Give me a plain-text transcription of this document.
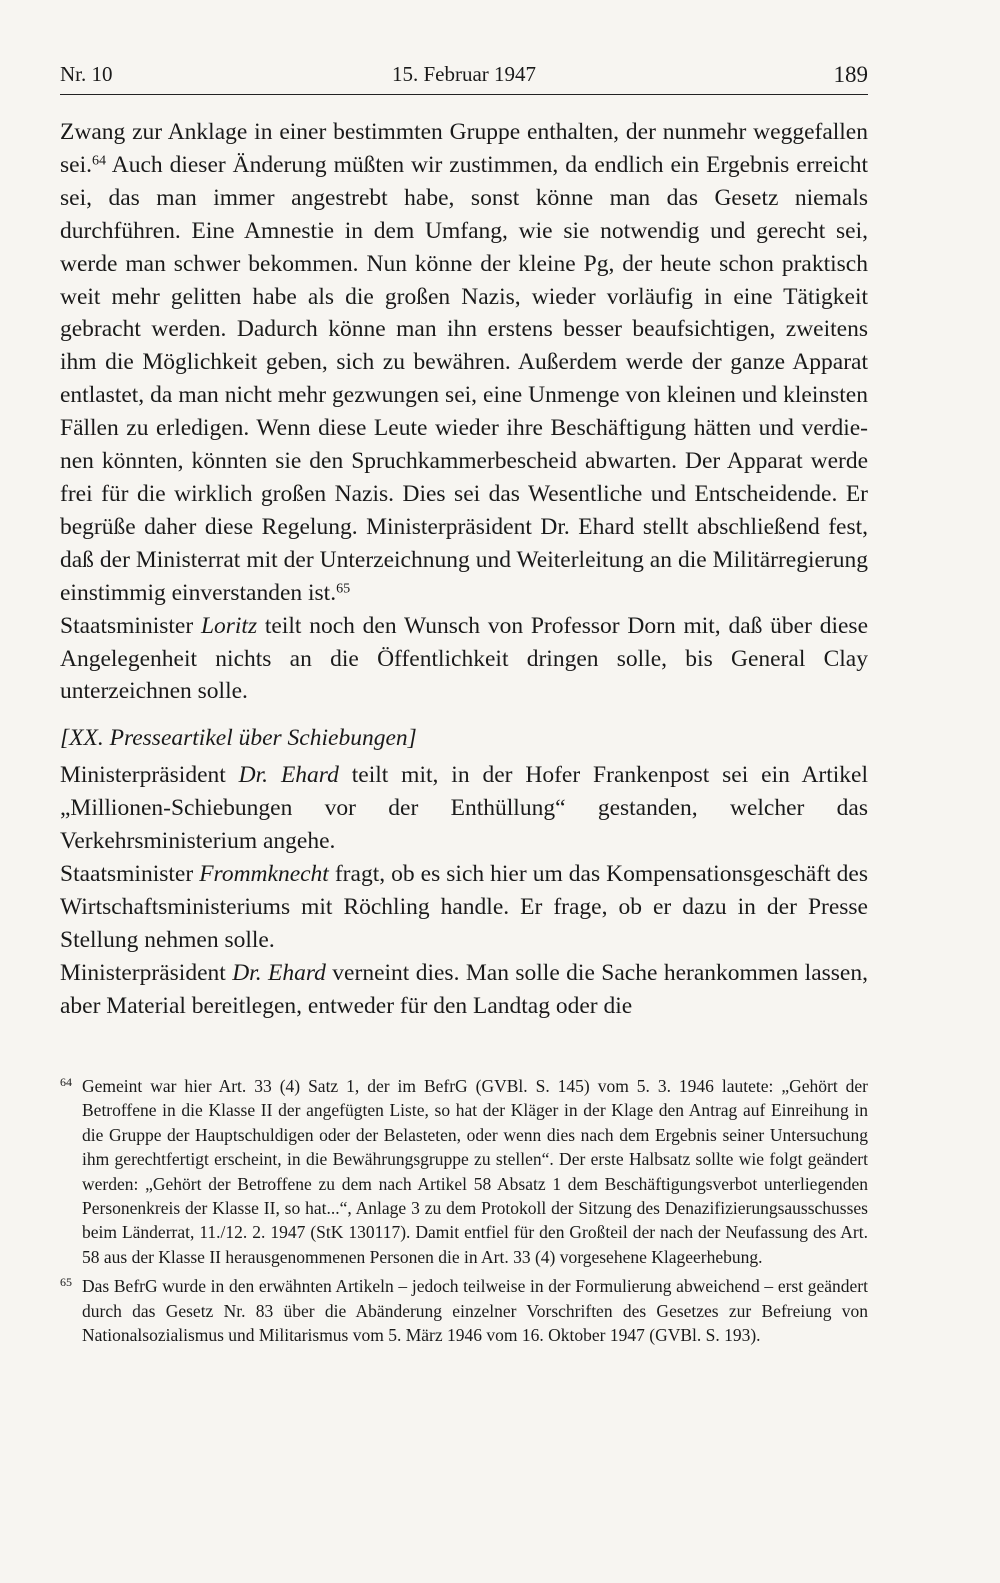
Nr. 10	15. Februar 1947	189

Zwang zur Anklage in einer bestimmten Gruppe enthalten, der nunmehr weggefallen sei.$^{64}$ Auch dieser Änderung müßten wir zustimmen, da endlich ein Ergebnis erreicht sei, das man immer angestrebt habe, sonst könne man das Gesetz niemals durchführen. Eine Amnestie in dem Umfang, wie sie notwendig und gerecht sei, werde man schwer bekommen. Nun könne der kleine Pg, der heute schon praktisch weit mehr gelitten habe als die großen Nazis, wieder vorläufig in eine Tätigkeit gebracht werden. Dadurch könne man ihn erstens besser beaufsichtigen, zweitens ihm die Möglichkeit geben, sich zu bewähren. Außerdem werde der ganze Apparat entlastet, da man nicht mehr gezwungen sei, eine Unmenge von kleinen und kleinsten Fällen zu erledigen. Wenn diese Leute wieder ihre Beschäftigung hätten und verdienen könnten, könnten sie den Spruchkammerbescheid abwarten. Der Apparat werde frei für die wirklich großen Nazis. Dies sei das Wesentliche und Entscheidende. Er begrüße daher diese Regelung. Ministerpräsident Dr. Ehard stellt abschließend fest, daß der Ministerrat mit der Unterzeichnung und Weiterleitung an die Militärregierung einstimmig einverstanden ist.$^{65}$

Staatsminister Loritz teilt noch den Wunsch von Professor Dorn mit, daß über diese Angelegenheit nichts an die Öffentlichkeit dringen solle, bis General Clay unterzeichnen solle.

[XX. Presseartikel über Schiebungen]

Ministerpräsident Dr. Ehard teilt mit, in der Hofer Frankenpost sei ein Artikel „Millionen-Schiebungen vor der Enthüllung“ gestanden, welcher das Verkehrsministerium angehe.

Staatsminister Frommknecht fragt, ob es sich hier um das Kompensationsgeschäft des Wirtschaftsministeriums mit Röchling handle. Er frage, ob er dazu in der Presse Stellung nehmen solle.

Ministerpräsident Dr. Ehard verneint dies. Man solle die Sache herankommen lassen, aber Material bereitlegen, entweder für den Landtag oder die

64 Gemeint war hier Art. 33 (4) Satz 1, der im BefrG (GVBl. S. 145) vom 5. 3. 1946 lautete: „Gehört der Betroffene in die Klasse II der angefügten Liste, so hat der Kläger in der Klage den Antrag auf Einreihung in die Gruppe der Hauptschuldigen oder der Belasteten, oder wenn dies nach dem Ergebnis seiner Untersuchung ihm gerechtfertigt erscheint, in die Bewährungsgruppe zu stellen“. Der erste Halbsatz sollte wie folgt geändert werden: „Gehört der Betroffene zu dem nach Artikel 58 Absatz 1 dem Beschäftigungsverbot unterliegenden Personenkreis der Klasse II, so hat...“, Anlage 3 zu dem Protokoll der Sitzung des Denazifizierungsausschusses beim Länderrat, 11./12. 2. 1947 (StK 130117). Damit entfiel für den Großteil der nach der Neufassung des Art. 58 aus der Klasse II herausgenommenen Personen die in Art. 33 (4) vorgesehene Klageerhebung.
65 Das BefrG wurde in den erwähnten Artikeln – jedoch teilweise in der Formulierung abweichend – erst geändert durch das Gesetz Nr. 83 über die Abänderung einzelner Vorschriften des Gesetzes zur Befreiung von Nationalsozialismus und Militarismus vom 5. März 1946 vom 16. Oktober 1947 (GVBl. S. 193).
